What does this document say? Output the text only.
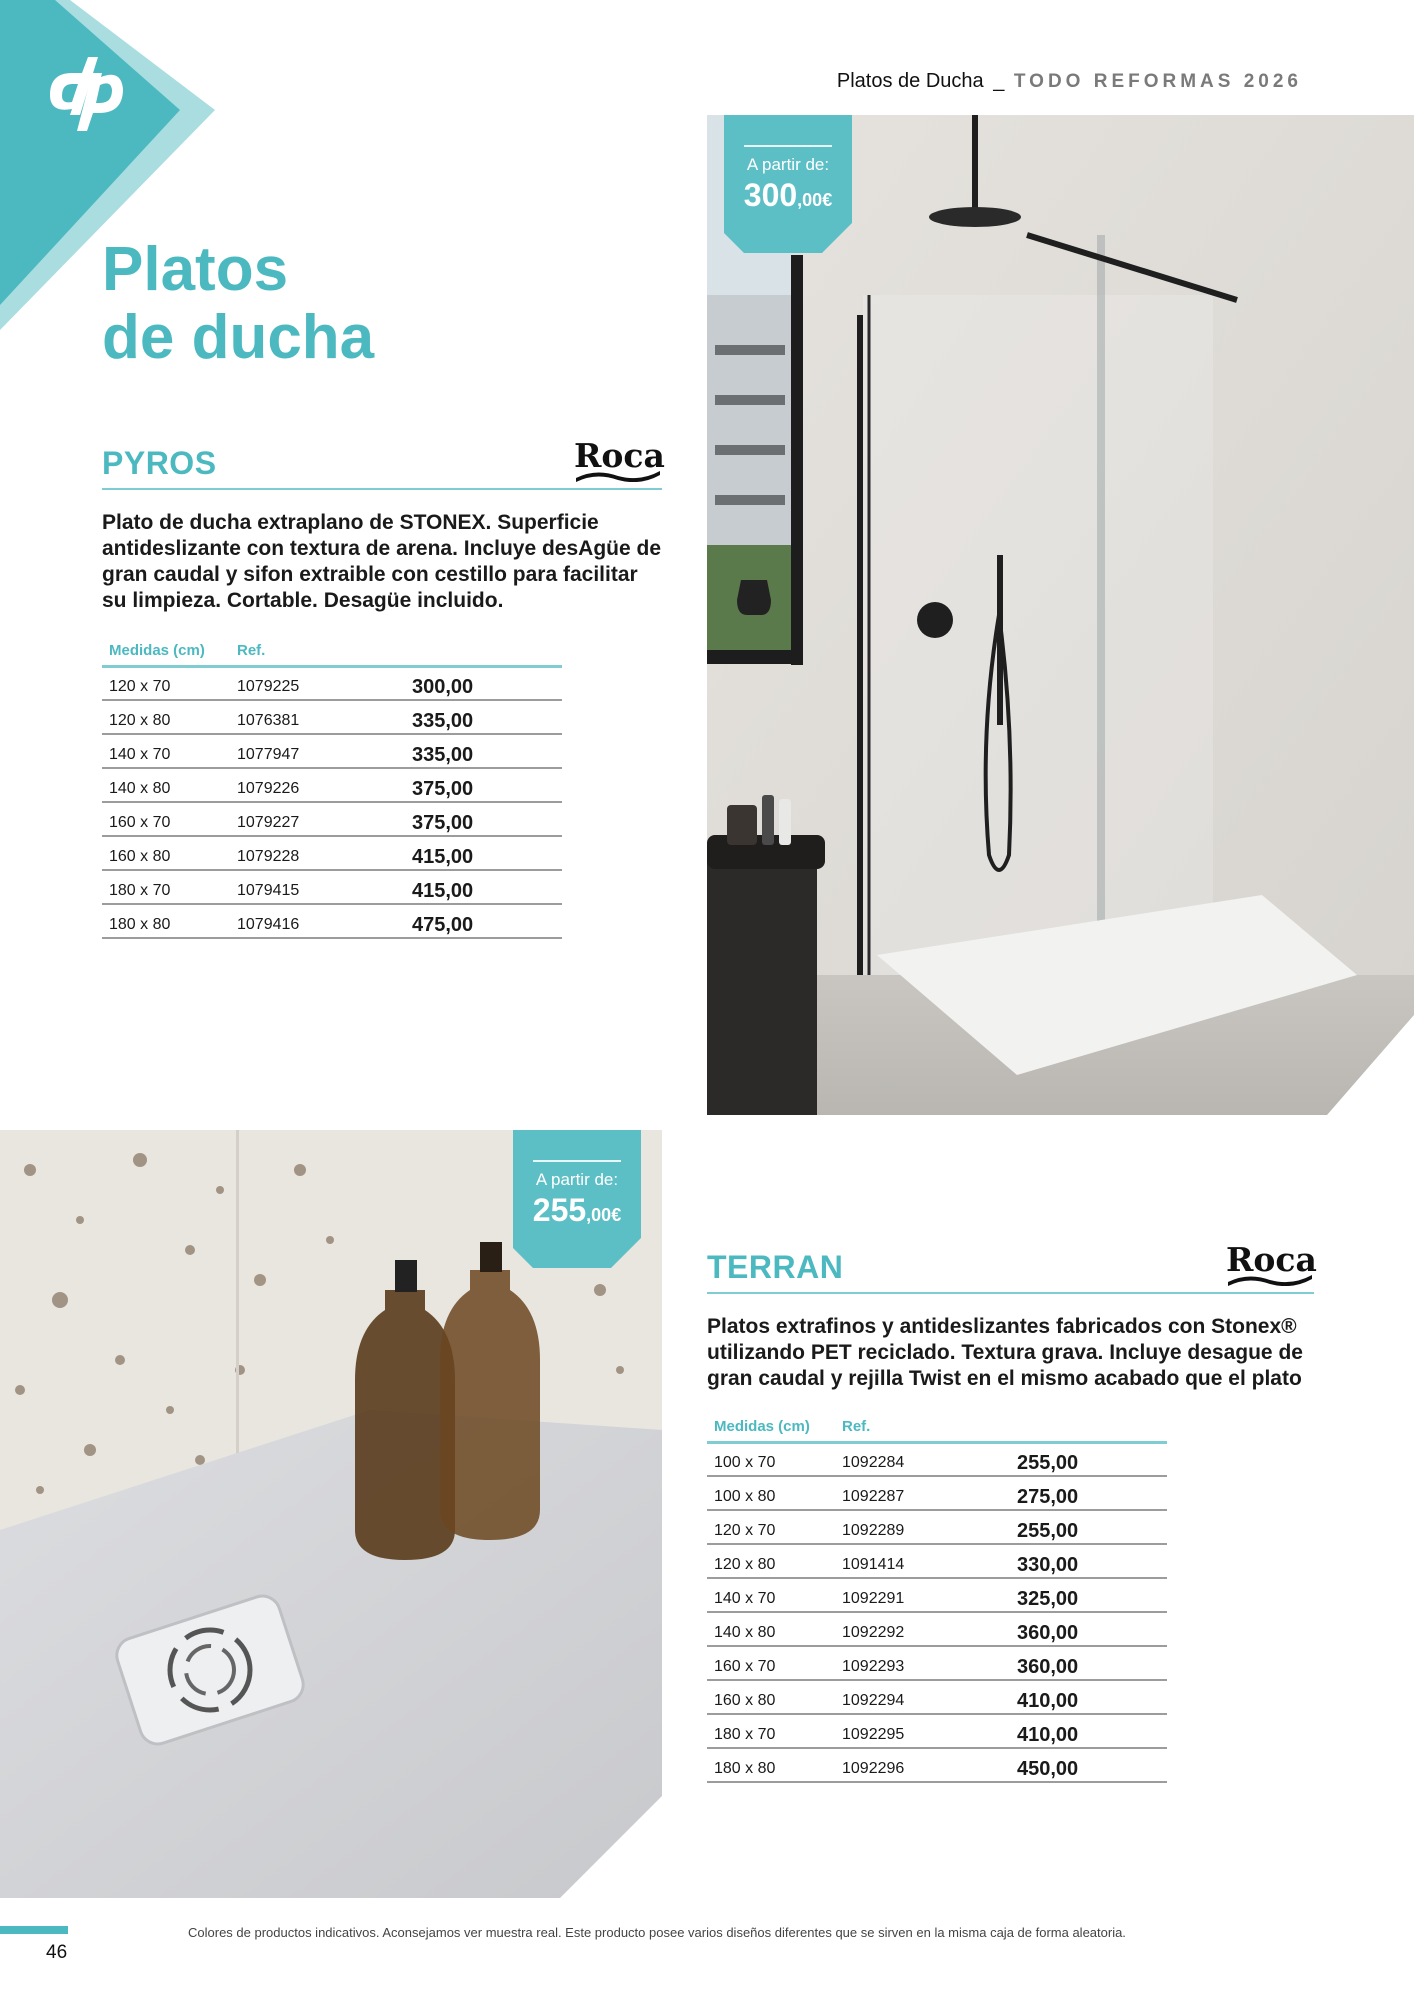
Platos de Ducha _ TODO REFORMAS 2026
Platos
de ducha
PYROS	Roca
Plato de ducha extraplano de STONEX. Superficie antideslizante con textura de arena. Incluye desAgüe de gran caudal y sifon extraible con cestillo para facilitar su limpieza. Cortable. Desagüe incluido.
Medidas (cm)	Ref.	
120 x 70	1079225	300,00
120 x 80	1076381	335,00
140 x 70	1077947	335,00
140 x 80	1079226	375,00
160 x 70	1079227	375,00
160 x 80	1079228	415,00
180 x 70	1079415	415,00
180 x 80	1079416	475,00
A partir de:
300,00€
A partir de:
255,00€
TERRAN	Roca
Platos extrafinos y antideslizantes fabricados con Stonex® utilizando PET reciclado. Textura grava. Incluye desague de gran caudal y rejilla Twist en el mismo acabado que el plato
Medidas (cm)	Ref.	
100 x 70	1092284	255,00
100 x 80	1092287	275,00
120 x 70	1092289	255,00
120 x 80	1091414	330,00
140 x 70	1092291	325,00
140 x 80	1092292	360,00
160 x 70	1092293	360,00
160 x 80	1092294	410,00
180 x 70	1092295	410,00
180 x 80	1092296	450,00
46
Colores de productos indicativos. Aconsejamos ver muestra real. Este producto posee varios diseños diferentes que se sirven en la misma caja de forma aleatoria.
